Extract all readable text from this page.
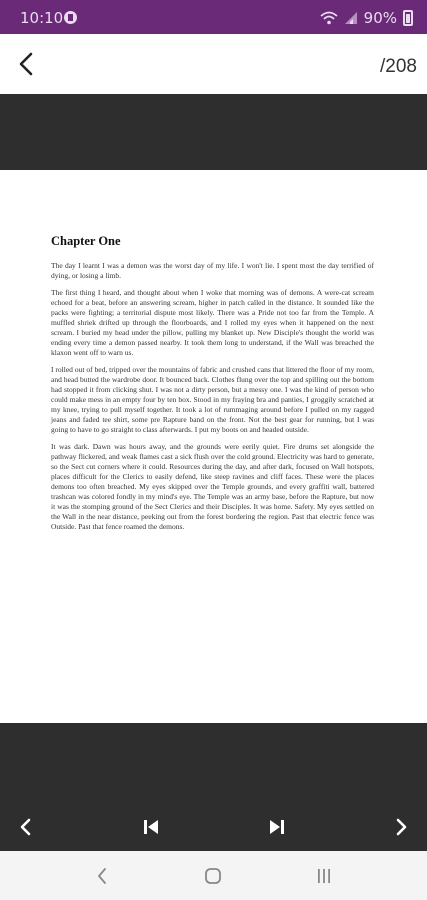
10:10	90%
/208
Chapter One

The day I learnt I was a demon was the worst day of my life. I won't lie. I spent most the day terrified of dying, or losing a limb.

The first thing I heard, and thought about when I woke that morning was of demons. A were-cat scream echoed for a beat, before an answering scream, higher in patch called in the distance. It sounded like the packs were fighting; a territorial dispute most likely. There was a Pride not too far from the Temple. A muffled shriek drifted up through the floorboards, and I rolled my eyes when it happened on the next scream. I buried my head under the pillow, pulling my blanket up. New Disciple's thought the world was ending every time a demon passed nearby. It took them long to understand, if the Wall was breached the klaxon went off to warn us.

I rolled out of bed, tripped over the mountains of fabric and crushed cans that littered the floor of my room, and head butted the wardrobe door. It bounced back. Clothes flung over the top and spilling out the bottom had stopped it from clicking shut. I was not a dirty person, but a messy one. I was the kind of person who could make mess in an empty four by ten box. Stood in my fraying bra and panties, I groggily scratched at my knee, trying to pull myself together. It took a lot of rummaging around before I pulled on my ragged jeans and faded tee shirt, some pre Rapture band on the front. Not the best gear for running, but I was going to have to go straight to class afterwards. I put my boots on and headed outside.

It was dark. Dawn was hours away, and the grounds were eerily quiet. Fire drums set alongside the pathway flickered, and weak flames cast a sick flush over the cold ground. Electricity was hard to generate, so the Sect cut corners where it could. Resources during the day, and after dark, focused on Wall hotspots, places difficult for the Clerics to easily defend, like steep ravines and cliff faces. These were the places demons too often breached. My eyes skipped over the Temple grounds, and every graffiti wall, battered trashcan was colored fondly in my mind's eye. The Temple was an army base, before the Rapture, but now it was the stomping ground of the Sect Clerics and their Disciples. It was home. Safety. My eyes settled on the Wall in the near distance, peeking out from the forest bordering the region. Past that electric fence was Outside. Past that fence roamed the demons.
